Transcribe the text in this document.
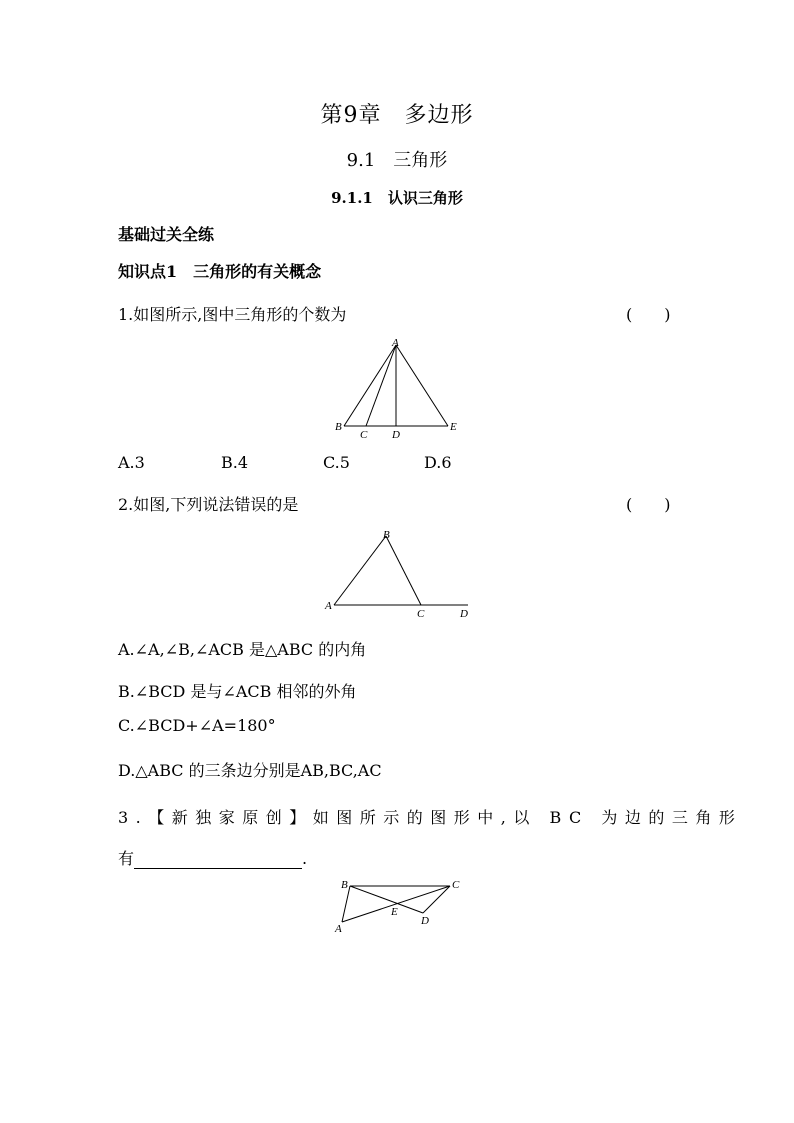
第9章　多边形
9.1　三角形
9.1.1　认识三角形
基础过关全练
知识点1　三角形的有关概念
1.如图所示,图中三角形的个数为	(　　)
A
B
C D
E
A.3	B.4	C.5	D.6
2.如图,下列说法错误的是	(　　)
A
B
C	D
A.∠A,∠B,∠ACB 是△ABC 的内角
B.∠BCD 是与∠ACB 相邻的外角
C.∠BCD+∠A=180°
D.△ABC 的三条边分别是AB,BC,AC
3.【新独家原创】如图所示的图形中,以 BC 为边的三角形
有	.
B	C
E
D
A
